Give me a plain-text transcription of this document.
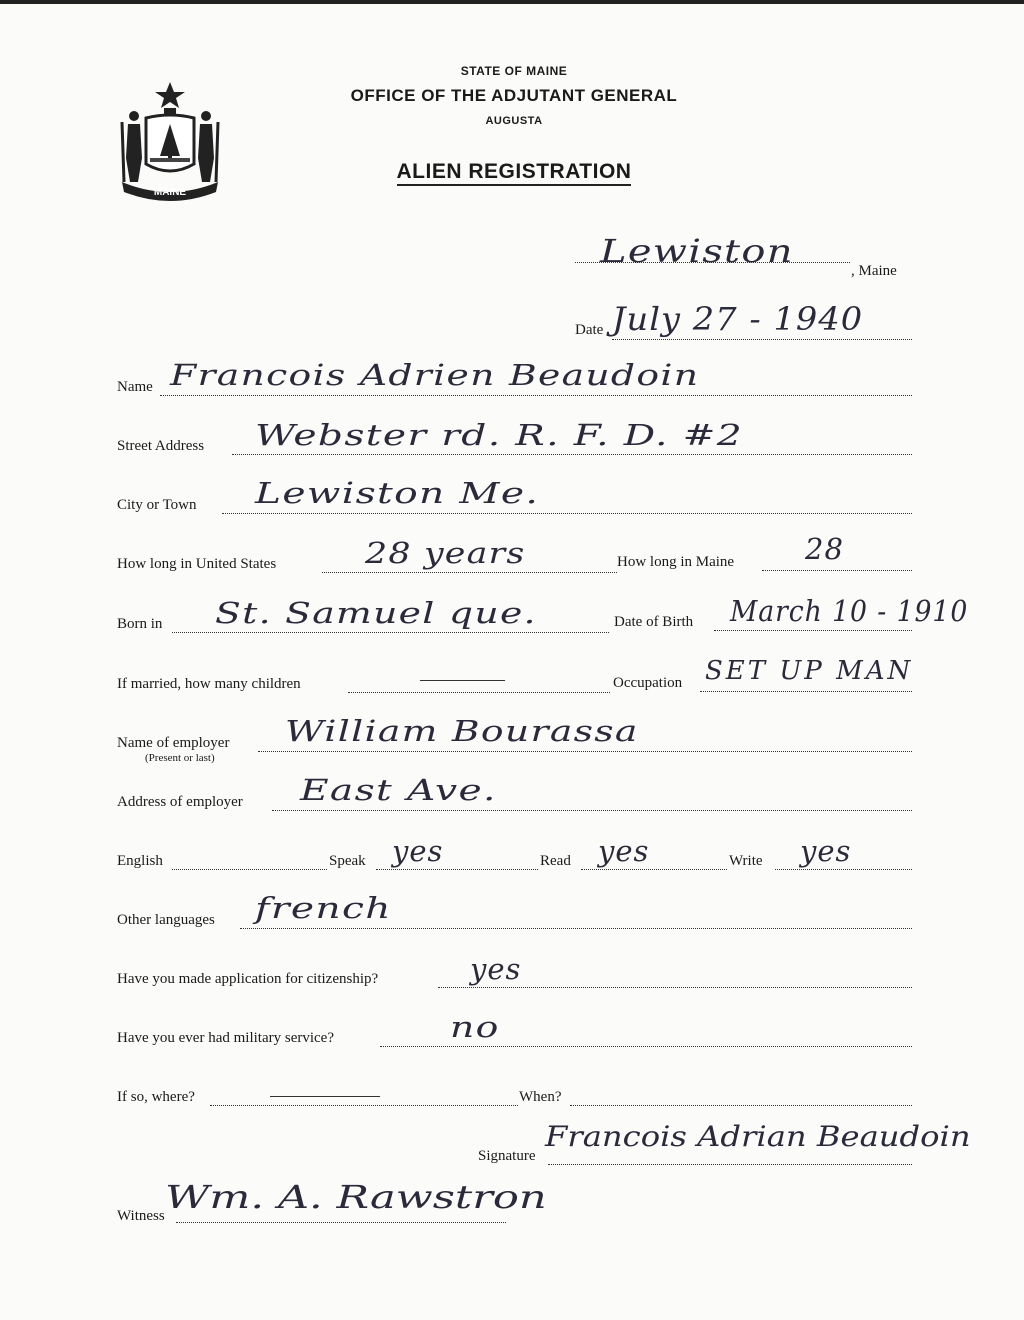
MAINE
STATE OF MAINE
OFFICE OF THE ADJUTANT GENERAL
AUGUSTA
ALIEN REGISTRATION
Lewiston
, Maine
Date July 27 - 1940
Name Francois Adrien Beaudoin
Street Address Webster rd. R. F. D. #2
City or Town Lewiston Me.
How long in United States	28 years	How long in Maine 28
Born in St. Samuel que.	Date of Birth March 10 - 1910
If married, how many children	Occupation SET UP MAN
Name of employer
(Present or last)
William Bourassa
Address of employer East Ave.
English	Speak yes	Read yes	Write yes
Other languages french
Have you made application for citizenship?	yes
Have you ever had military service?	no
If so, where?	When?
Signature
Francois Adrian Beaudoin
Witness Wm. A. Rawstron
